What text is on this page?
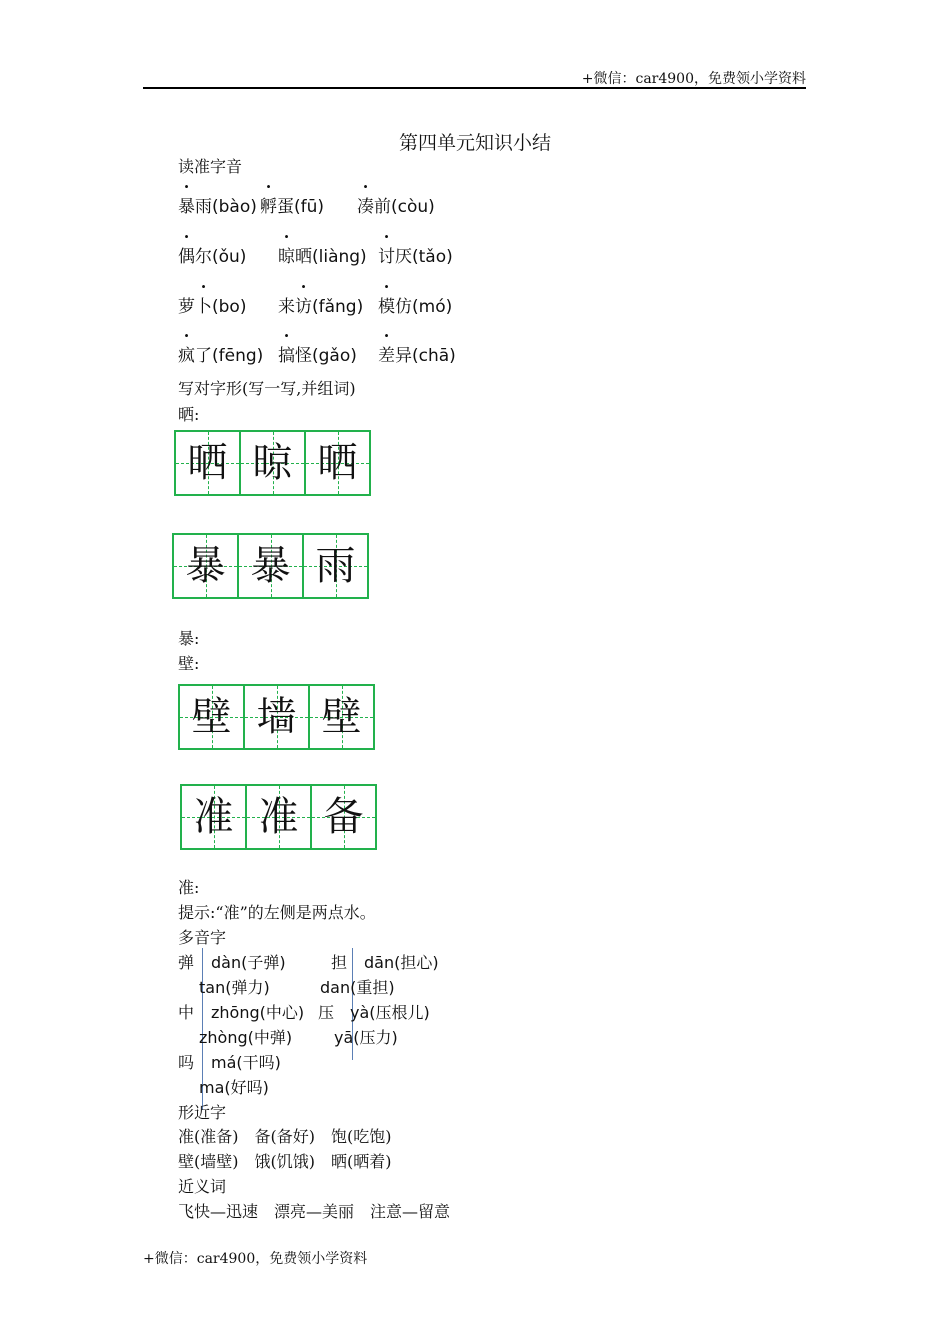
+微信：car4900，免费领小学资料
第四单元知识小结
读准字音
暴雨(bào) 孵蛋(fū) 凑前(còu)
偶尔(ǒu) 晾晒(liàng) 讨厌(tǎo)
萝卜(bo) 来访(fǎng) 模仿(mó)
疯了(fēng) 搞怪(gǎo) 差异(chā)
写对字形(写一写,并组词)
晒:
晒 晾 晒
暴 暴 雨
暴:
壁:
壁 墙 壁
准 准 备
准:
提示:“准”的左侧是两点水。
多音字
弹 dàn(子弹)	担 dān(担心)
tan(弹力)	dan(重担)
中 zhōng(中心) 压 yà(压根儿)
zhòng(中弹)	yā(压力)
吗 má(干吗)
ma(好吗)
形近字
准(准备)　备(备好)　饱(吃饱)
壁(墙壁)　饿(饥饿)　晒(晒着)
近义词
飞快—迅速　漂亮—美丽　注意—留意
+微信：car4900，免费领小学资料
